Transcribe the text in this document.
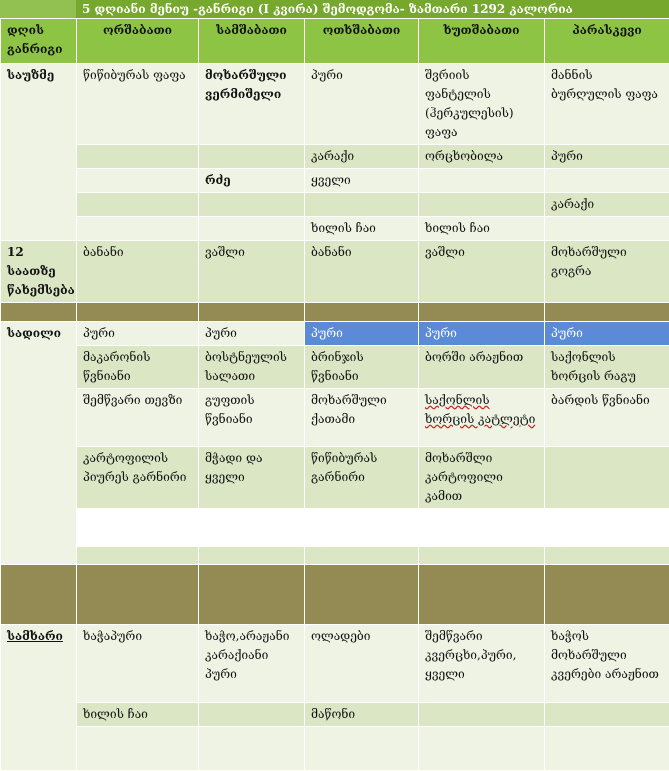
5 დღიანი მენიუ -განრიგი (I კვირა) შემოდგომა- ზამთარი 1292 კალორია
დღის განრიგი	ორშაბათი	სამშაბათი	ოთხშაბათი	ხუთშაბათი	პარასკევი
საუზმე	წიწიბურას ფაფა	მოხარშული ვერმიშელი	პური	შვრიის ფანტელის (ჰერკულესის) ფაფა	მანნის ბურღულის ფაფა
			კარაქი	ორცხობილა	პური
		რძე	ყველი		
					კარაქი
			ხილის ჩაი	ხილის ჩაი	
12 საათზე წახემსება	ბანანი	ვაშლი	ბანანი	ვაშლი	მოხარშული გოგრა

სადილი	პური	პური	პური	პური	პური
	მაკარონის წვნიანი	ბოსტნეულის სალათი	ბრინჯის წვნიანი	ბორში არაჟნით	საქონლის ხორცის რაგუ
	შემწვარი თევზი	გუფთის წვნიანი	მოხარშული ქათამი	საქონლის ხორცის კატლეტი	ბარდის წვნიანი
	კარტოფილის პიურეს გარნირი	მჭადი და ყველი	წიწიბურას გარნირი	მოხარშლი კარტოფილი კამით	

სამხარი	ხაჭაპური	ხაჭო,არაჟანი კარაქიანი პური	ოლადები	შემწვარი კვერცხი,პური, ყველი	ხაჭოს მოხარშული კვერები არაჟნით
	ხილის ჩაი		მაწონი		
